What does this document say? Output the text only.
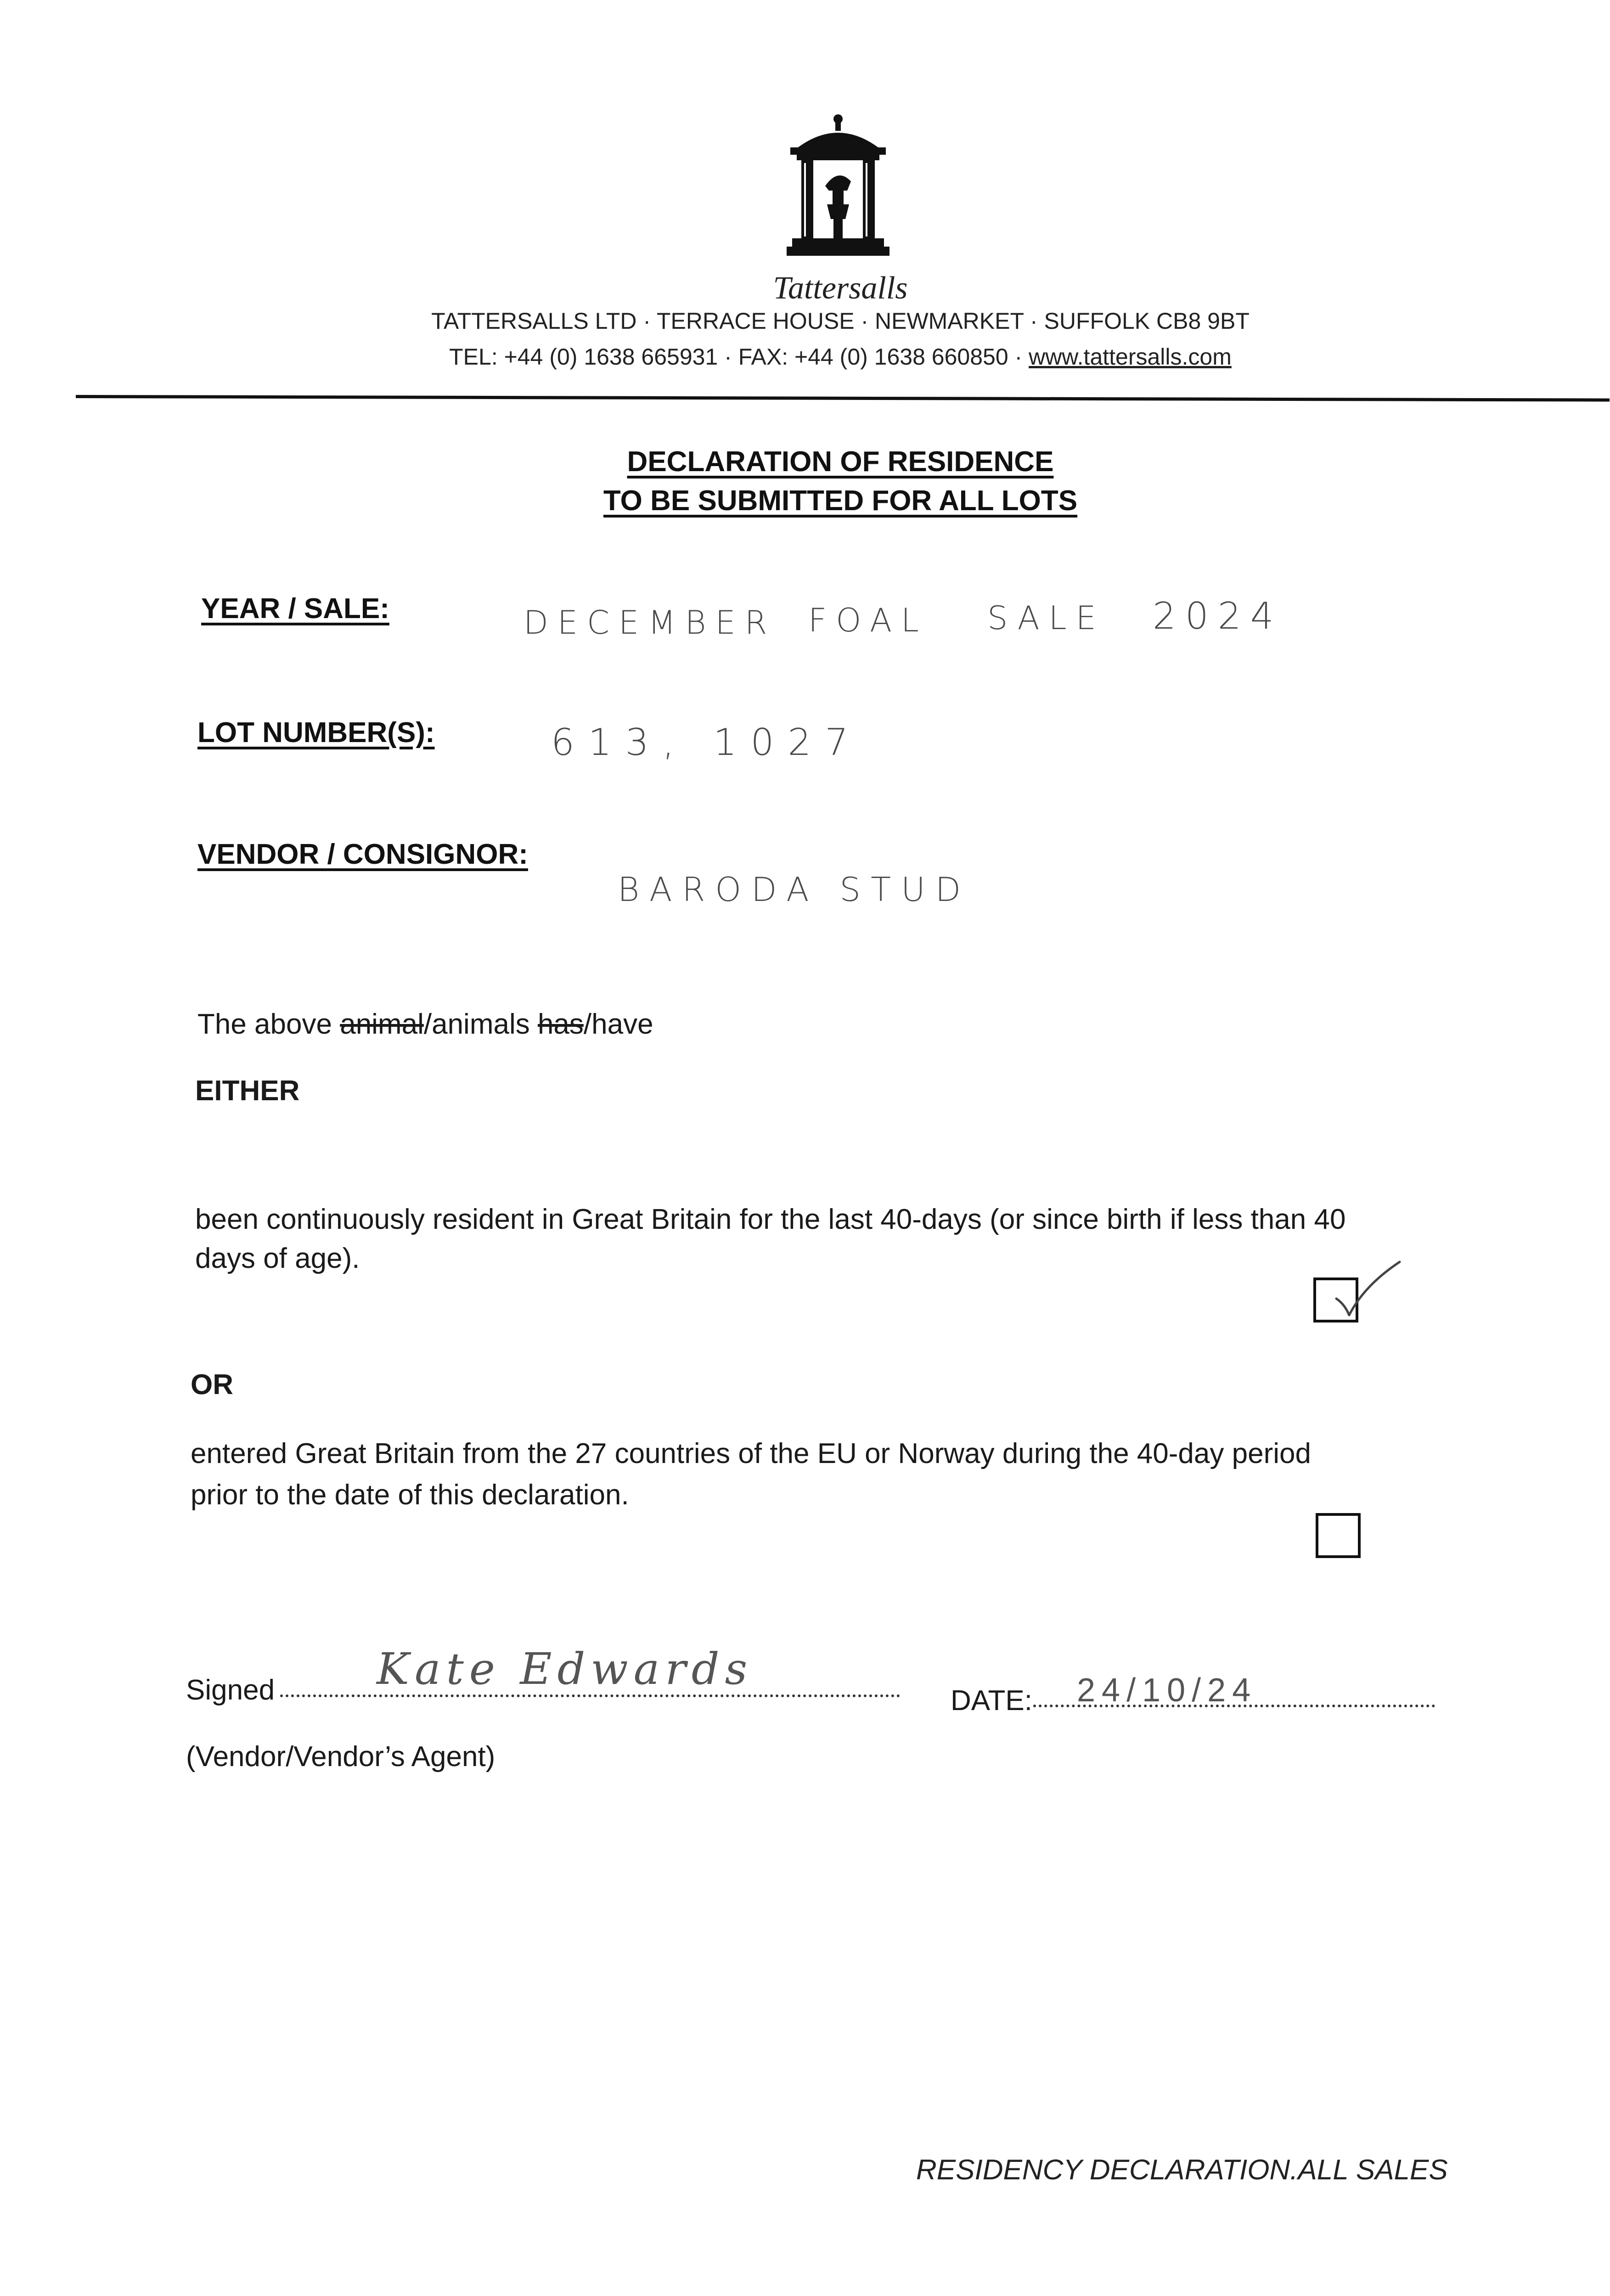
Tattersalls
TATTERSALLS LTD · TERRACE HOUSE · NEWMARKET · SUFFOLK CB8 9BT
TEL: +44 (0) 1638 665931 · FAX: +44 (0) 1638 660850 · www.tattersalls.com
DECLARATION OF RESIDENCE
TO BE SUBMITTED FOR ALL LOTS
YEAR / SALE:	DECEMBER FOAL SALE 2024
LOT NUMBER(S):	613, 1027
VENDOR / CONSIGNOR:
BARODA STUD
The above animal/animals has/have
EITHER
been continuously resident in Great Britain for the last 40-days (or since birth if less than 40
days of age).
OR
entered Great Britain from the 27 countries of the EU or Norway during the 40-day period
prior to the date of this declaration.
Signed Kate Edwards
DATE: 24/10/24
(Vendor/Vendor’s Agent)
RESIDENCY DECLARATION.ALL SALES
